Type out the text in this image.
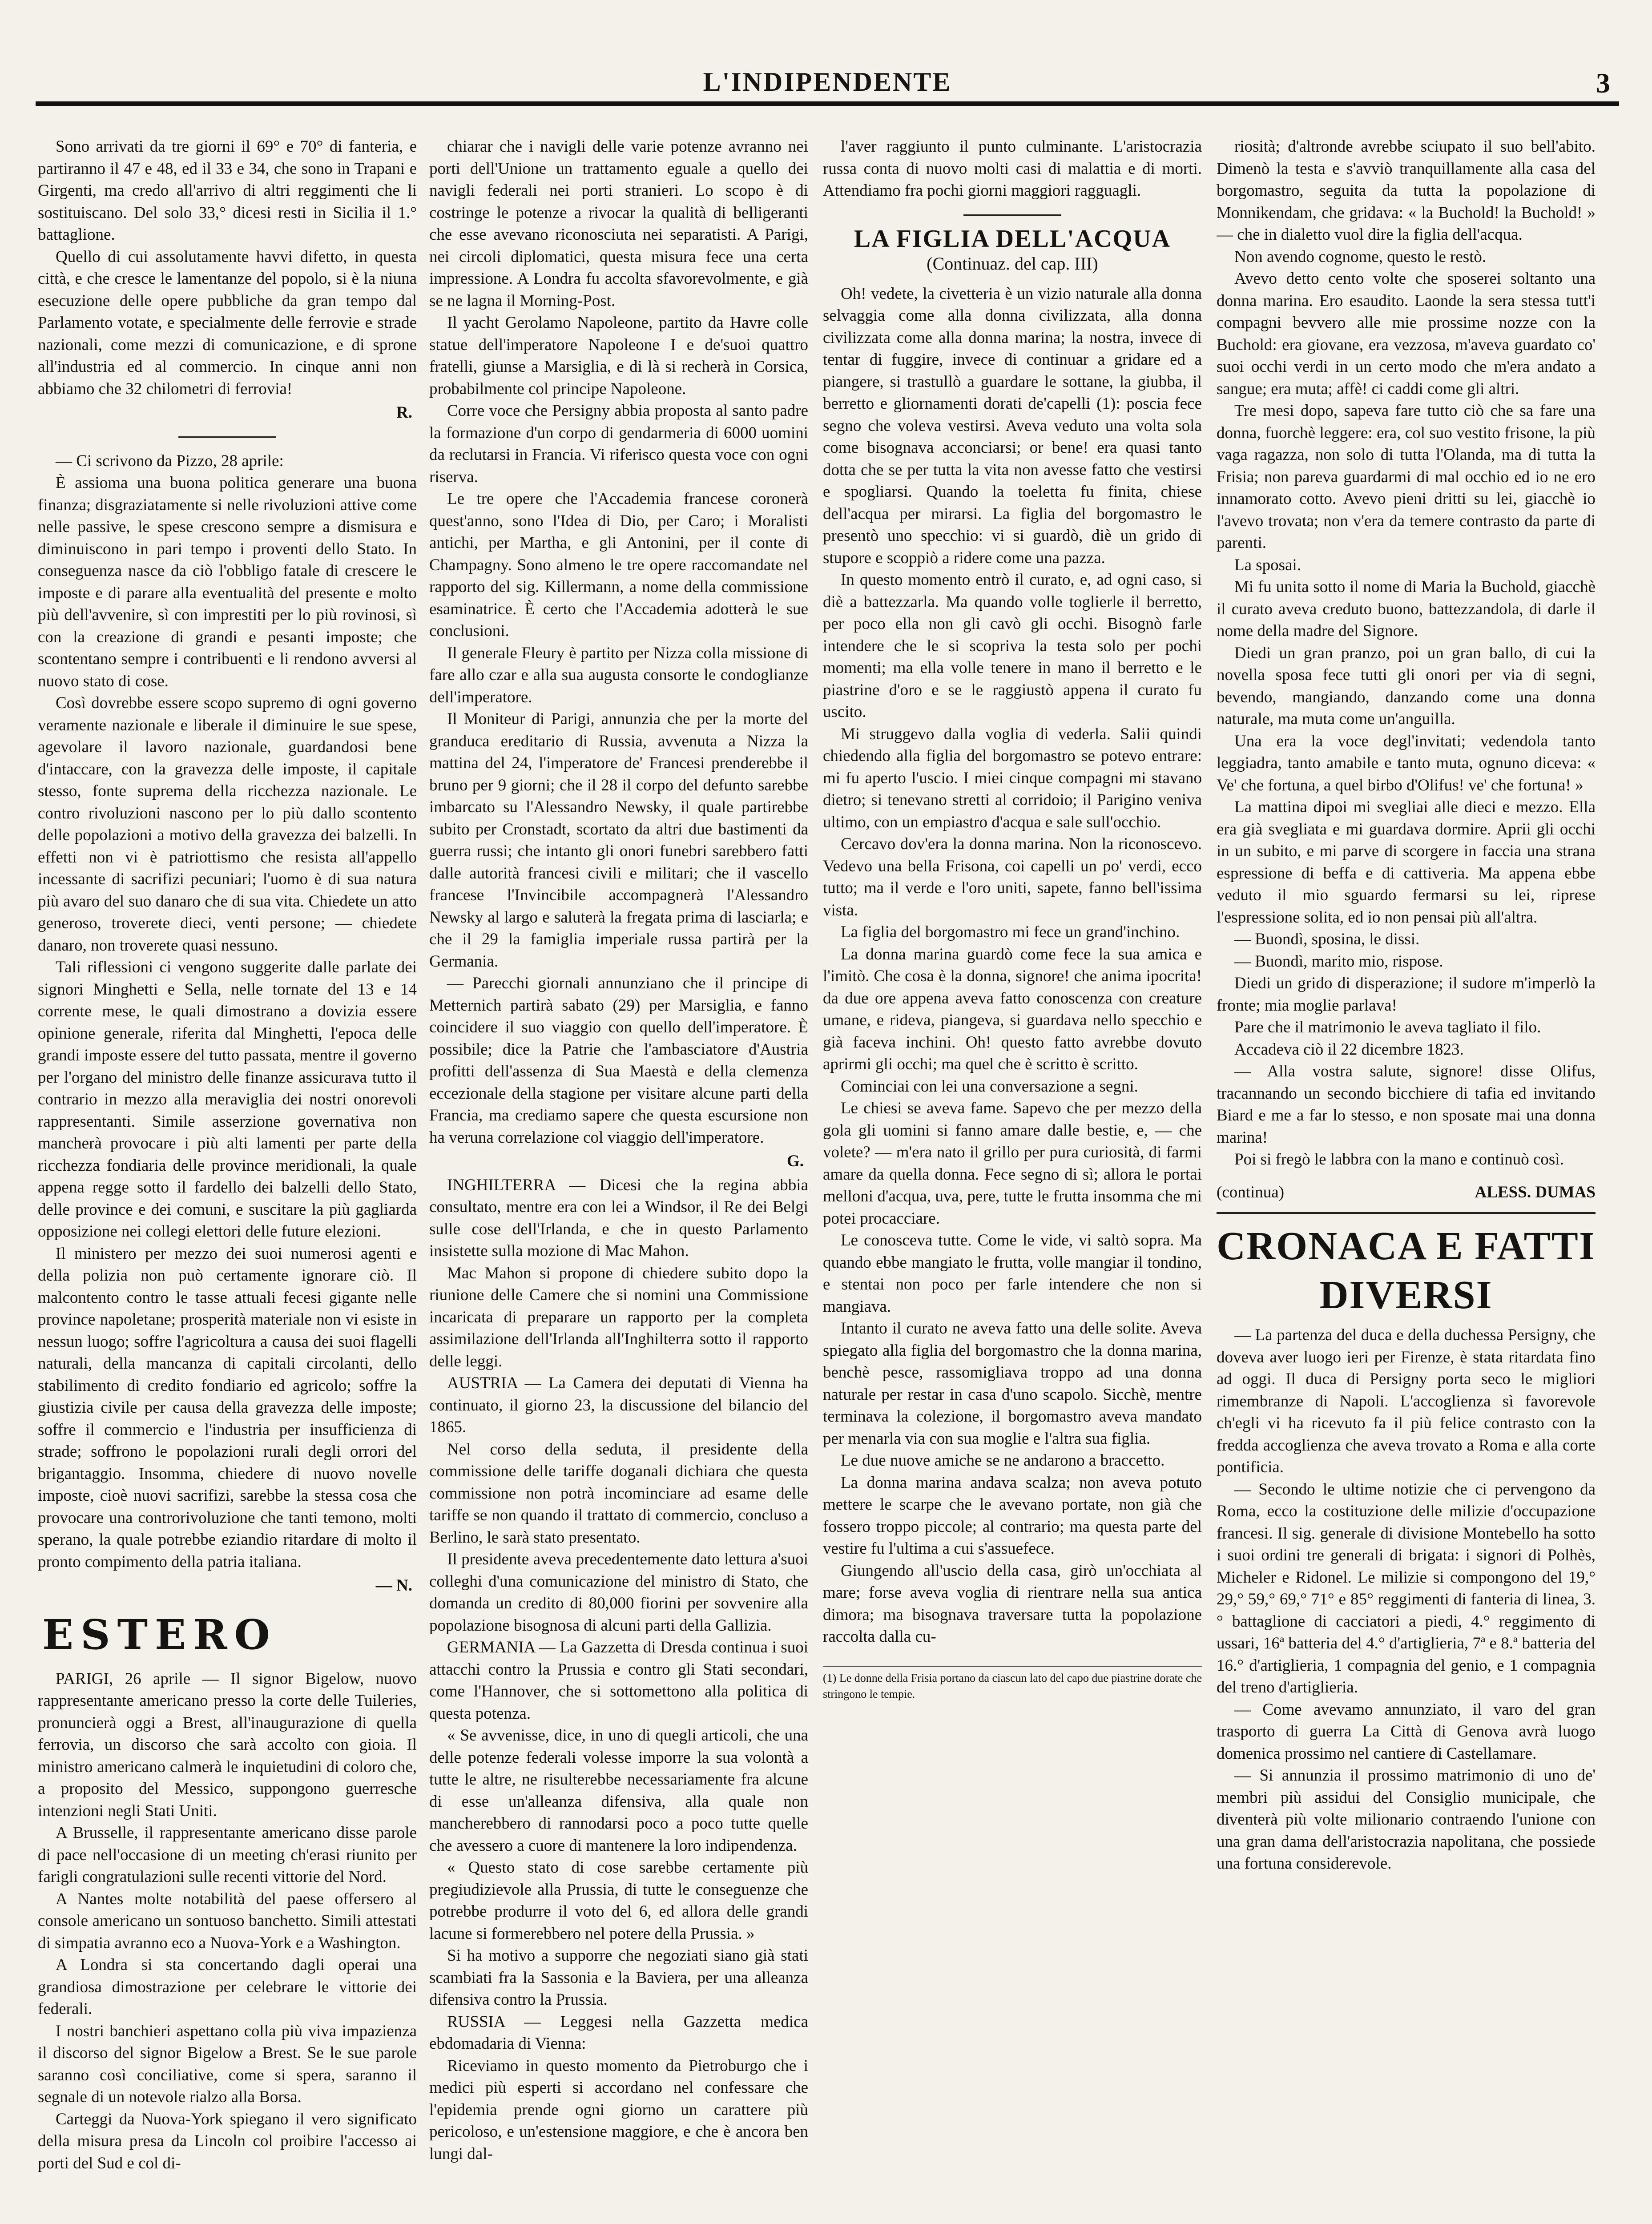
L'INDIPENDENTE	3

Sono arrivati da tre giorni il 69° e 70° di fanteria, e partiranno il 47 e 48, ed il 33 e 34, che sono in Trapani e Girgenti, ma credo all'arrivo di altri reggimenti che li sostituiscano. Del solo 33,° dicesi resti in Sicilia il 1.° battaglione.

Quello di cui assolutamente havvi difetto, in questa città, e che cresce le lamentanze del popolo, si è la niuna esecuzione delle opere pubbliche da gran tempo dal Parlamento votate, e specialmente delle ferrovie e strade nazionali, come mezzi di comunicazione, e di sprone all'industria ed al commercio. In cinque anni non abbiamo che 32 chilometri di ferrovia!

R.

— Ci scrivono da Pizzo, 28 aprile:

È assioma una buona politica generare una buona finanza; disgraziatamente si nelle rivoluzioni attive come nelle passive, le spese crescono sempre a dismisura e diminuiscono in pari tempo i proventi dello Stato. In conseguenza nasce da ciò l'obbligo fatale di crescere le imposte e di parare alla eventualità del presente e molto più dell'avvenire, sì con imprestiti per lo più rovinosi, sì con la creazione di grandi e pesanti imposte; che scontentano sempre i contribuenti e li rendono avversi al nuovo stato di cose.

Così dovrebbe essere scopo supremo di ogni governo veramente nazionale e liberale il diminuire le sue spese, agevolare il lavoro nazionale, guardandosi bene d'intaccare, con la gravezza delle imposte, il capitale stesso, fonte suprema della ricchezza nazionale. Le contro rivoluzioni nascono per lo più dallo scontento delle popolazioni a motivo della gravezza dei balzelli. In effetti non vi è patriottismo che resista all'appello incessante di sacrifizi pecuniari; l'uomo è di sua natura più avaro del suo danaro che di sua vita. Chiedete un atto generoso, troverete dieci, venti persone; — chiedete danaro, non troverete quasi nessuno.

Tali riflessioni ci vengono suggerite dalle parlate dei signori Minghetti e Sella, nelle tornate del 13 e 14 corrente mese, le quali dimostrano a dovizia essere opinione generale, riferita dal Minghetti, l'epoca delle grandi imposte essere del tutto passata, mentre il governo per l'organo del ministro delle finanze assicurava tutto il contrario in mezzo alla meraviglia dei nostri onorevoli rappresentanti. Simile asserzione governativa non mancherà provocare i più alti lamenti per parte della ricchezza fondiaria delle province meridionali, la quale appena regge sotto il fardello dei balzelli dello Stato, delle province e dei comuni, e suscitare la più gagliarda opposizione nei collegi elettori delle future elezioni.

Il ministero per mezzo dei suoi numerosi agenti e della polizia non può certamente ignorare ciò. Il malcontento contro le tasse attuali fecesi gigante nelle province napoletane; prosperità materiale non vi esiste in nessun luogo; soffre l'agricoltura a causa dei suoi flagelli naturali, della mancanza di capitali circolanti, dello stabilimento di credito fondiario ed agricolo; soffre la giustizia civile per causa della gravezza delle imposte; soffre il commercio e l'industria per insufficienza di strade; soffrono le popolazioni rurali degli orrori del brigantaggio. Insomma, chiedere di nuovo novelle imposte, cioè nuovi sacrifizi, sarebbe la stessa cosa che provocare una controrivoluzione che tanti temono, molti sperano, la quale potrebbe eziandio ritardare di molto il pronto compimento della patria italiana.

— N.
ESTERO

PARIGI, 26 aprile — Il signor Bigelow, nuovo rappresentante americano presso la corte delle Tuileries, pronuncierà oggi a Brest, all'inaugurazione di quella ferrovia, un discorso che sarà accolto con gioia. Il ministro americano calmerà le inquietudini di coloro che, a proposito del Messico, suppongono guerresche intenzioni negli Stati Uniti.

A Brusselle, il rappresentante americano disse parole di pace nell'occasione di un meeting ch'erasi riunito per farigli congratulazioni sulle recenti vittorie del Nord.

A Nantes molte notabilità del paese offersero al console americano un sontuoso banchetto. Simili attestati di simpatia avranno eco a Nuova-York e a Washington.

A Londra si sta concertando dagli operai una grandiosa dimostrazione per celebrare le vittorie dei federali.

I nostri banchieri aspettano colla più viva impazienza il discorso del signor Bigelow a Brest. Se le sue parole saranno così conciliative, come si spera, saranno il segnale di un notevole rialzo alla Borsa.

Carteggi da Nuova-York spiegano il vero significato della misura presa da Lincoln col proibire l'accesso ai porti del Sud e col di-

chiarar che i navigli delle varie potenze avranno nei porti dell'Unione un trattamento eguale a quello dei navigli federali nei porti stranieri. Lo scopo è di costringe le potenze a rivocar la qualità di belligeranti che esse avevano riconosciuta nei separatisti. A Parigi, nei circoli diplomatici, questa misura fece una certa impressione. A Londra fu accolta sfavorevolmente, e già se ne lagna il Morning-Post.

Il yacht Gerolamo Napoleone, partito da Havre colle statue dell'imperatore Napoleone I e de'suoi quattro fratelli, giunse a Marsiglia, e di là si recherà in Corsica, probabilmente col principe Napoleone.

Corre voce che Persigny abbia proposta al santo padre la formazione d'un corpo di gendarmeria di 6000 uomini da reclutarsi in Francia. Vi riferisco questa voce con ogni riserva.

Le tre opere che l'Accademia francese coronerà quest'anno, sono l'Idea di Dio, per Caro; i Moralisti antichi, per Martha, e gli Antonini, per il conte di Champagny. Sono almeno le tre opere raccomandate nel rapporto del sig. Killermann, a nome della commissione esaminatrice. È certo che l'Accademia adotterà le sue conclusioni.

Il generale Fleury è partito per Nizza colla missione di fare allo czar e alla sua augusta consorte le condoglianze dell'imperatore.

Il Moniteur di Parigi, annunzia che per la morte del granduca ereditario di Russia, avvenuta a Nizza la mattina del 24, l'imperatore de' Francesi prenderebbe il bruno per 9 giorni; che il 28 il corpo del defunto sarebbe imbarcato su l'Alessandro Newsky, il quale partirebbe subito per Cronstadt, scortato da altri due bastimenti da guerra russi; che intanto gli onori funebri sarebbero fatti dalle autorità francesi civili e militari; che il vascello francese l'Invincibile accompagnerà l'Alessandro Newsky al largo e saluterà la fregata prima di lasciarla; e che il 29 la famiglia imperiale russa partirà per la Germania.

— Parecchi giornali annunziano che il principe di Metternich partirà sabato (29) per Marsiglia, e fanno coincidere il suo viaggio con quello dell'imperatore. È possibile; dice la Patrie che l'ambasciatore d'Austria profitti dell'assenza di Sua Maestà e della clemenza eccezionale della stagione per visitare alcune parti della Francia, ma crediamo sapere che questa escursione non ha veruna correlazione col viaggio dell'imperatore.

G.

INGHILTERRA — Dicesi che la regina abbia consultato, mentre era con lei a Windsor, il Re dei Belgi sulle cose dell'Irlanda, e che in questo Parlamento insistette sulla mozione di Mac Mahon.

Mac Mahon si propone di chiedere subito dopo la riunione delle Camere che si nomini una Commissione incaricata di preparare un rapporto per la completa assimilazione dell'Irlanda all'Inghilterra sotto il rapporto delle leggi.

AUSTRIA — La Camera dei deputati di Vienna ha continuato, il giorno 23, la discussione del bilancio del 1865.

Nel corso della seduta, il presidente della commissione delle tariffe doganali dichiara che questa commissione non potrà incominciare ad esame delle tariffe se non quando il trattato di commercio, concluso a Berlino, le sarà stato presentato.

Il presidente aveva precedentemente dato lettura a'suoi colleghi d'una comunicazione del ministro di Stato, che domanda un credito di 80,000 fiorini per sovvenire alla popolazione bisognosa di alcuni parti della Gallizia.

GERMANIA — La Gazzetta di Dresda continua i suoi attacchi contro la Prussia e contro gli Stati secondari, come l'Hannover, che si sottomettono alla politica di questa potenza.

« Se avvenisse, dice, in uno di quegli articoli, che una delle potenze federali volesse imporre la sua volontà a tutte le altre, ne risulterebbe necessariamente fra alcune di esse un'alleanza difensiva, alla quale non mancherebbero di rannodarsi poco a poco tutte quelle che avessero a cuore di mantenere la loro indipendenza.

« Questo stato di cose sarebbe certamente più pregiudizievole alla Prussia, di tutte le conseguenze che potrebbe produrre il voto del 6, ed allora delle grandi lacune si formerebbero nel potere della Prussia. »

Si ha motivo a supporre che negoziati siano già stati scambiati fra la Sassonia e la Baviera, per una alleanza difensiva contro la Prussia.

RUSSIA — Leggesi nella Gazzetta medica ebdomadaria di Vienna:

Riceviamo in questo momento da Pietroburgo che i medici più esperti si accordano nel confessare che l'epidemia prende ogni giorno un carattere più pericoloso, e un'estensione maggiore, e che è ancora ben lungi dal-

l'aver raggiunto il punto culminante. L'aristocrazia russa conta di nuovo molti casi di malattia e di morti. Attendiamo fra pochi giorni maggiori ragguagli.

LA FIGLIA DELL'ACQUA
(Continuaz. del cap. III)

Oh! vedete, la civetteria è un vizio naturale alla donna selvaggia come alla donna civilizzata, alla donna civilizzata come alla donna marina; la nostra, invece di tentar di fuggire, invece di continuar a gridare ed a piangere, si trastullò a guardare le sottane, la giubba, il berretto e gliornamenti dorati de'capelli (1): poscia fece segno che voleva vestirsi. Aveva veduto una volta sola come bisognava acconciarsi; or bene! era quasi tanto dotta che se per tutta la vita non avesse fatto che vestirsi e spogliarsi. Quando la toeletta fu finita, chiese dell'acqua per mirarsi. La figlia del borgomastro le presentò uno specchio: vi si guardò, diè un grido di stupore e scoppiò a ridere come una pazza.

In questo momento entrò il curato, e, ad ogni caso, si diè a battezzarla. Ma quando volle toglierle il berretto, per poco ella non gli cavò gli occhi. Bisognò farle intendere che le si scopriva la testa solo per pochi momenti; ma ella volle tenere in mano il berretto e le piastrine d'oro e se le raggiustò appena il curato fu uscito.

Mi struggevo dalla voglia di vederla. Salii quindi chiedendo alla figlia del borgomastro se potevo entrare: mi fu aperto l'uscio. I miei cinque compagni mi stavano dietro; si tenevano stretti al corridoio; il Parigino veniva ultimo, con un empiastro d'acqua e sale sull'occhio.

Cercavo dov'era la donna marina. Non la riconoscevo. Vedevo una bella Frisona, coi capelli un po' verdi, ecco tutto; ma il verde e l'oro uniti, sapete, fanno bell'issima vista.

La figlia del borgomastro mi fece un grand'inchino.

La donna marina guardò come fece la sua amica e l'imitò. Che cosa è la donna, signore! che anima ipocrita! da due ore appena aveva fatto conoscenza con creature umane, e rideva, piangeva, si guardava nello specchio e già faceva inchini. Oh! questo fatto avrebbe dovuto aprirmi gli occhi; ma quel che è scritto è scritto.

Cominciai con lei una conversazione a segni.

Le chiesi se aveva fame. Sapevo che per mezzo della gola gli uomini si fanno amare dalle bestie, e, — che volete? — m'era nato il grillo per pura curiosità, di farmi amare da quella donna. Fece segno di sì; allora le portai melloni d'acqua, uva, pere, tutte le frutta insomma che mi potei procacciare.

Le conosceva tutte. Come le vide, vi saltò sopra. Ma quando ebbe mangiato le frutta, volle mangiar il tondino, e stentai non poco per farle intendere che non si mangiava.

Intanto il curato ne aveva fatto una delle solite. Aveva spiegato alla figlia del borgomastro che la donna marina, benchè pesce, rassomigliava troppo ad una donna naturale per restar in casa d'uno scapolo. Sicchè, mentre terminava la colezione, il borgomastro aveva mandato per menarla via con sua moglie e l'altra sua figlia.

Le due nuove amiche se ne andarono a braccetto.

La donna marina andava scalza; non aveva potuto mettere le scarpe che le avevano portate, non già che fossero troppo piccole; al contrario; ma questa parte del vestire fu l'ultima a cui s'assuefece.

Giungendo all'uscio della casa, girò un'occhiata al mare; forse aveva voglia di rientrare nella sua antica dimora; ma bisognava traversare tutta la popolazione raccolta dalla cu-

(1) Le donne della Frisia portano da ciascun lato del capo due piastrine dorate che stringono le tempie.

riosità; d'altronde avrebbe sciupato il suo bell'abito. Dimenò la testa e s'avviò tranquillamente alla casa del borgomastro, seguita da tutta la popolazione di Monnikendam, che gridava: « la Buchold! la Buchold! » — che in dialetto vuol dire la figlia dell'acqua.

Non avendo cognome, questo le restò.

Avevo detto cento volte che sposerei soltanto una donna marina. Ero esaudito. Laonde la sera stessa tutt'i compagni bevvero alle mie prossime nozze con la Buchold: era giovane, era vezzosa, m'aveva guardato co' suoi occhi verdi in un certo modo che m'era andato a sangue; era muta; affè! ci caddi come gli altri.

Tre mesi dopo, sapeva fare tutto ciò che sa fare una donna, fuorchè leggere: era, col suo vestito frisone, la più vaga ragazza, non solo di tutta l'Olanda, ma di tutta la Frisia; non pareva guardarmi di mal occhio ed io ne ero innamorato cotto. Avevo pieni dritti su lei, giacchè io l'avevo trovata; non v'era da temere contrasto da parte di parenti.

La sposai.

Mi fu unita sotto il nome di Maria la Buchold, giacchè il curato aveva creduto buono, battezzandola, di darle il nome della madre del Signore.

Diedi un gran pranzo, poi un gran ballo, di cui la novella sposa fece tutti gli onori per via di segni, bevendo, mangiando, danzando come una donna naturale, ma muta come un'anguilla.

Una era la voce degl'invitati; vedendola tanto leggiadra, tanto amabile e tanto muta, ognuno diceva: « Ve' che fortuna, a quel birbo d'Olifus! ve' che fortuna! »

La mattina dipoi mi svegliai alle dieci e mezzo. Ella era già svegliata e mi guardava dormire. Aprii gli occhi in un subito, e mi parve di scorgere in faccia una strana espressione di beffa e di cattiveria. Ma appena ebbe veduto il mio sguardo fermarsi su lei, riprese l'espressione solita, ed io non pensai più all'altra.

— Buondì, sposina, le dissi.

— Buondì, marito mio, rispose.

Diedi un grido di disperazione; il sudore m'imperlò la fronte; mia moglie parlava!

Pare che il matrimonio le aveva tagliato il filo.

Accadeva ciò il 22 dicembre 1823.

— Alla vostra salute, signore! disse Olifus, tracannando un secondo bicchiere di tafia ed invitando Biard e me a far lo stesso, e non sposate mai una donna marina!

Poi si fregò le labbra con la mano e continuò così.

(continua)	ALESS. DUMAS
CRONACA E FATTI DIVERSI

— La partenza del duca e della duchessa Persigny, che doveva aver luogo ieri per Firenze, è stata ritardata fino ad oggi. Il duca di Persigny porta seco le migliori rimembranze di Napoli. L'accoglienza sì favorevole ch'egli vi ha ricevuto fa il più felice contrasto con la fredda accoglienza che aveva trovato a Roma e alla corte pontificia.

— Secondo le ultime notizie che ci pervengono da Roma, ecco la costituzione delle milizie d'occupazione francesi. Il sig. generale di divisione Montebello ha sotto i suoi ordini tre generali di brigata: i signori di Polhès, Micheler e Ridonel. Le milizie si compongono del 19,° 29,° 59,° 69,° 71° e 85° reggimenti di fanteria di linea, 3.° battaglione di cacciatori a piedi, 4.° reggimento di ussari, 16ª batteria del 4.° d'artiglieria, 7ª e 8.ª batteria del 16.° d'artiglieria, 1 compagnia del genio, e 1 compagnia del treno d'artiglieria.

— Come avevamo annunziato, il varo del gran trasporto di guerra La Città di Genova avrà luogo domenica prossimo nel cantiere di Castellamare.

— Si annunzia il prossimo matrimonio di uno de' membri più assidui del Consiglio municipale, che diventerà più volte milionario contraendo l'unione con una gran dama dell'aristocrazia napolitana, che possiede una fortuna considerevole.
